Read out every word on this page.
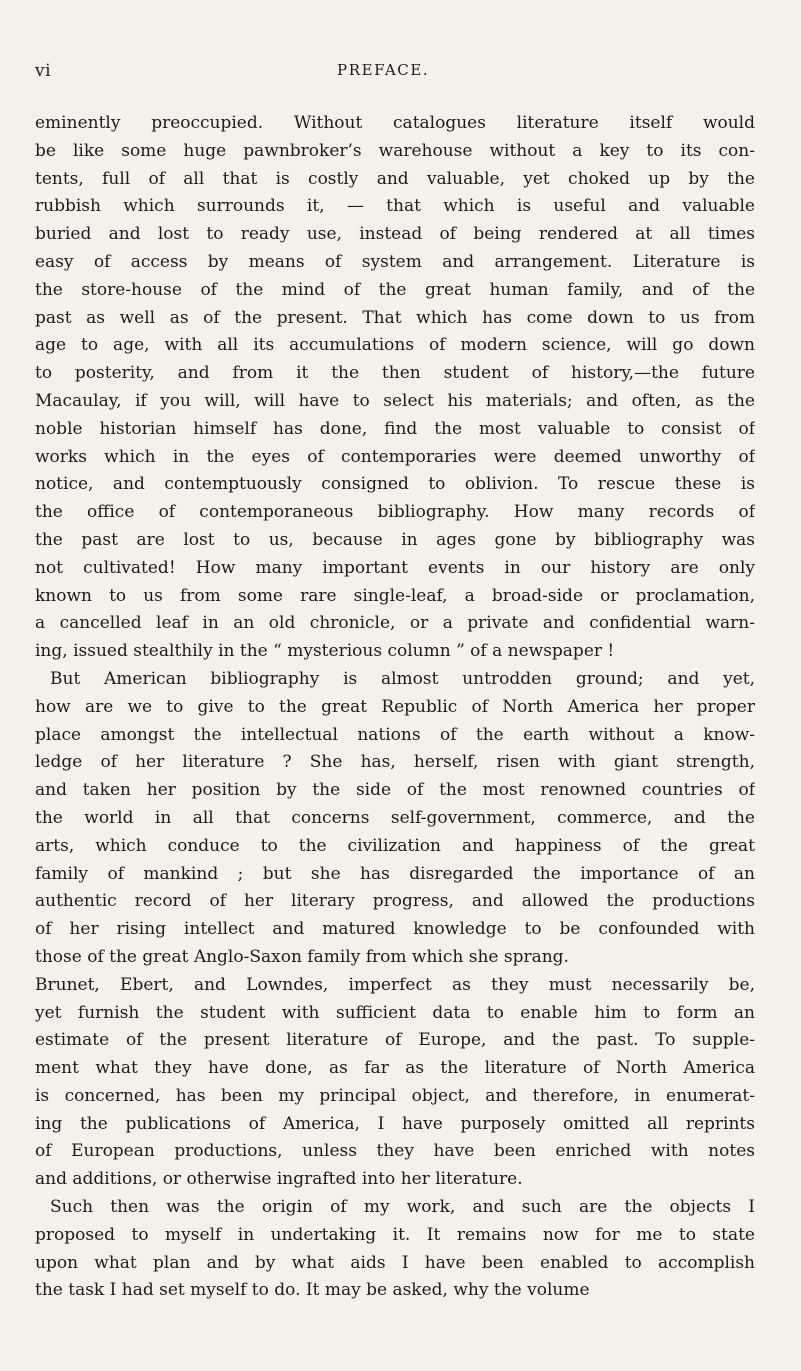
vi	PREFACE.
eminently preoccupied. Without catalogues literature itself would
be like some huge pawnbroker’s warehouse without a key to its con-
tents, full of all that is costly and valuable, yet choked up by the
rubbish which surrounds it, — that which is useful and valuable
buried and lost to ready use, instead of being rendered at all times
easy of access by means of system and arrangement. Literature is
the store-house of the mind of the great human family, and of the
past as well as of the present. That which has come down to us from
age to age, with all its accumulations of modern science, will go down
to posterity, and from it the then student of history,—the future
Macaulay, if you will, will have to select his materials; and often, as the
noble historian himself has done, find the most valuable to consist of
works which in the eyes of contemporaries were deemed unworthy of
notice, and contemptuously consigned to oblivion. To rescue these is
the office of contemporaneous bibliography. How many records of
the past are lost to us, because in ages gone by bibliography was
not cultivated! How many important events in our history are only
known to us from some rare single-leaf, a broad-side or proclamation,
a cancelled leaf in an old chronicle, or a private and confidential warn-
ing, issued stealthily in the “ mysterious column ” of a newspaper !
But American bibliography is almost untrodden ground; and yet,
how are we to give to the great Republic of North America her proper
place amongst the intellectual nations of the earth without a know-
ledge of her literature ? She has, herself, risen with giant strength,
and taken her position by the side of the most renowned countries of
the world in all that concerns self-government, commerce, and the
arts, which conduce to the civilization and happiness of the great
family of mankind ; but she has disregarded the importance of an
authentic record of her literary progress, and allowed the productions
of her rising intellect and matured knowledge to be confounded with
those of the great Anglo-Saxon family from which she sprang.
Brunet, Ebert, and Lowndes, imperfect as they must necessarily be,
yet furnish the student with sufficient data to enable him to form an
estimate of the present literature of Europe, and the past. To supple-
ment what they have done, as far as the literature of North America
is concerned, has been my principal object, and therefore, in enumerat-
ing the publications of America, I have purposely omitted all reprints
of European productions, unless they have been enriched with notes
and additions, or otherwise ingrafted into her literature.
Such then was the origin of my work, and such are the objects I
proposed to myself in undertaking it. It remains now for me to state
upon what plan and by what aids I have been enabled to accomplish
the task I had set myself to do. It may be asked, why the volume
